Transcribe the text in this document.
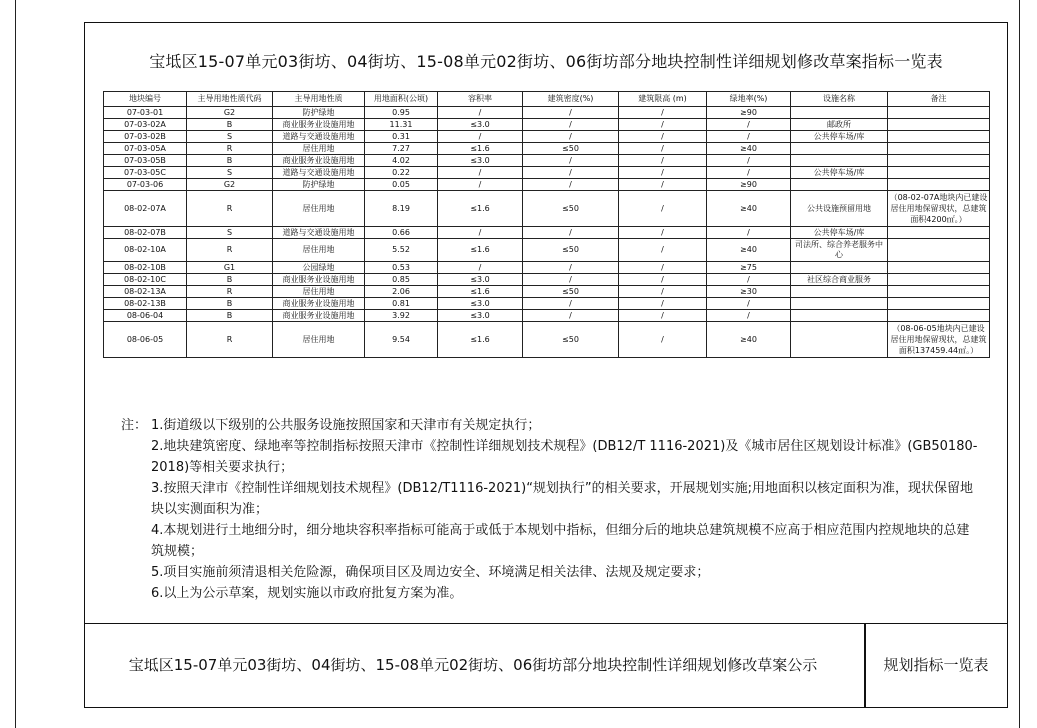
宝坻区15-07单元03街坊、04街坊、15-08单元02街坊、06街坊部分地块控制性详细规划修改草案指标一览表
地块编号	主导用地性质代码	主导用地性质	用地面积(公顷)	容积率	建筑密度(%)	建筑限高 (m)	绿地率(%)	设施名称	备注
07-03-01	G2	防护绿地	0.95	/	/	/	≥90		
07-03-02A	B	商业服务业设施用地	11.31	≤3.0	/	/	/	邮政所	
07-03-02B	S	道路与交通设施用地	0.31	/	/	/	/	公共停车场/库	
07-03-05A	R	居住用地	7.27	≤1.6	≤50	/	≥40		
07-03-05B	B	商业服务业设施用地	4.02	≤3.0	/	/	/		
07-03-05C	S	道路与交通设施用地	0.22	/	/	/	/	公共停车场/库	
07-03-06	G2	防护绿地	0.05	/	/	/	≥90		
08-02-07A	R	居住用地	8.19	≤1.6	≤50	/	≥40	公共设施预留用地	（08-02-07A地块内已建设居住用地保留现状，总建筑面积4200㎡。）
08-02-07B	S	道路与交通设施用地	0.66	/	/	/	/	公共停车场/库	
08-02-10A	R	居住用地	5.52	≤1.6	≤50	/	≥40	司法所、综合养老服务中心	
08-02-10B	G1	公园绿地	0.53	/	/	/	≥75		
08-02-10C	B	商业服务业设施用地	0.85	≤3.0	/	/	/	社区综合商业服务	
08-02-13A	R	居住用地	2.06	≤1.6	≤50	/	≥30		
08-02-13B	B	商业服务业设施用地	0.81	≤3.0	/	/	/		
08-06-04	B	商业服务业设施用地	3.92	≤3.0	/	/	/		
08-06-05	R	居住用地	9.54	≤1.6	≤50	/	≥40		（08-06-05地块内已建设居住用地保留现状，总建筑面积137459.44㎡。）
注： 1.街道级以下级别的公共服务设施按照国家和天津市有关规定执行；
2.地块建筑密度、绿地率等控制指标按照天津市《控制性详细规划技术规程》(DB12/T 1116-2021)及《城市居住区规划设计标准》(GB50180-2018)等相关要求执行；
3.按照天津市《控制性详细规划技术规程》(DB12/T1116-2021)“规划执行”的相关要求，开展规划实施;用地面积以核定面积为准，现状保留地块以实测面积为准；
4.本规划进行土地细分时，细分地块容积率指标可能高于或低于本规划中指标，但细分后的地块总建筑规模不应高于相应范围内控规地块的总建筑规模；
5.项目实施前须清退相关危险源，确保项目区及周边安全、环境满足相关法律、法规及规定要求；
6.以上为公示草案，规划实施以市政府批复方案为准。
宝坻区15-07单元03街坊、04街坊、15-08单元02街坊、06街坊部分地块控制性详细规划修改草案公示	规划指标一览表
